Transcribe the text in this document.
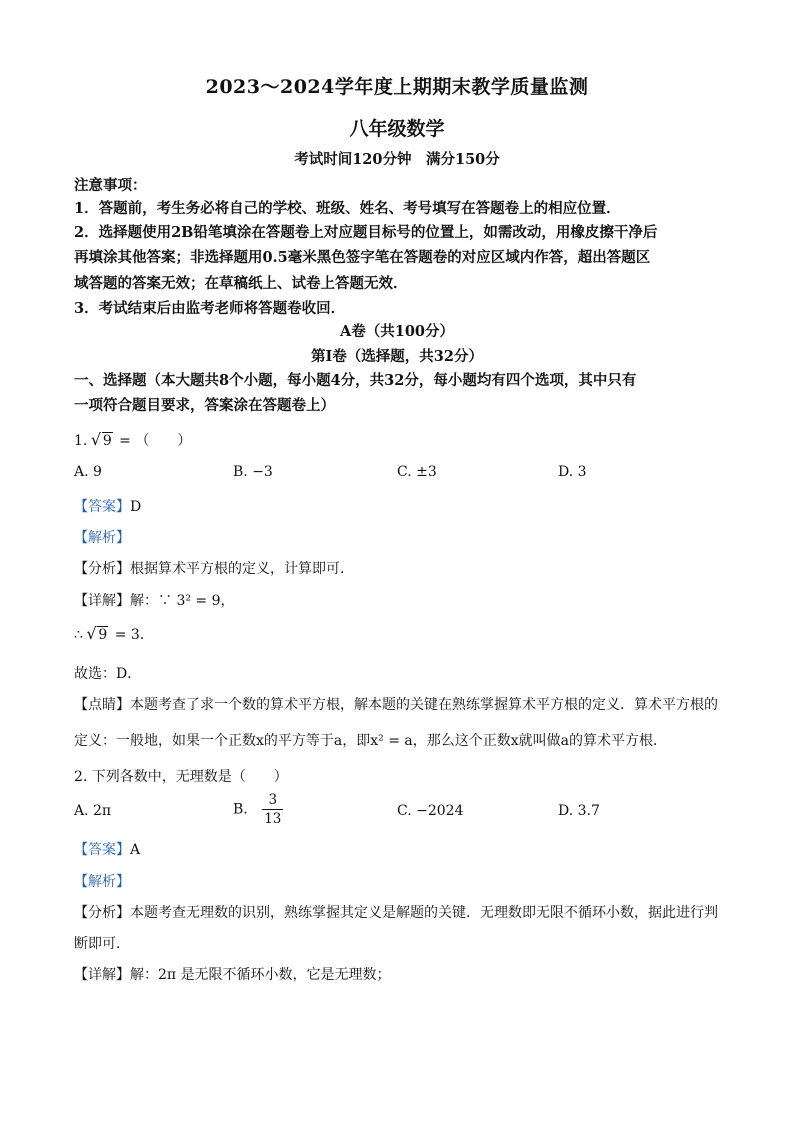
2023～2024学年度上期期末教学质量监测
八年级数学
考试时间120分钟　满分150分
注意事项：
1．答题前，考生务必将自己的学校、班级、姓名、考号填写在答题卷上的相应位置．
2．选择题使用2B铅笔填涂在答题卷上对应题目标号的位置上，如需改动，用橡皮擦干净后
再填涂其他答案；非选择题用0.5毫米黑色签字笔在答题卷的对应区域内作答，超出答题区
域答题的答案无效；在草稿纸上、试卷上答题无效．
3．考试结束后由监考老师将答题卷收回．
A卷（共100分）
第Ⅰ卷（选择题，共32分）
一、选择题（本大题共8个小题，每小题4分，共32分，每小题均有四个选项，其中只有
一项符合题目要求，答案涂在答题卷上）
1. √ 9 = （　　）
A. 9	B. −3	C. ±3	D. 3
【答案】D
【解析】
【分析】根据算术平方根的定义，计算即可．
【详解】解：∵ 3² = 9，
∴ √ 9 = 3．
故选：D．
【点睛】本题考查了求一个数的算术平方根，解本题的关键在熟练掌握算术平方根的定义．算术平方根的
定义：一般地，如果一个正数x的平方等于a，即x² = a，那么这个正数x就叫做a的算术平方根．
2. 下列各数中，无理数是（　　）
A. 2π	B. $\frac{3}{13}$	C. −2024	D. 3.7
【答案】A
【解析】
【分析】本题考查无理数的识别，熟练掌握其定义是解题的关键．无理数即无限不循环小数，据此进行判
断即可．
【详解】解：2π 是无限不循环小数，它是无理数；
